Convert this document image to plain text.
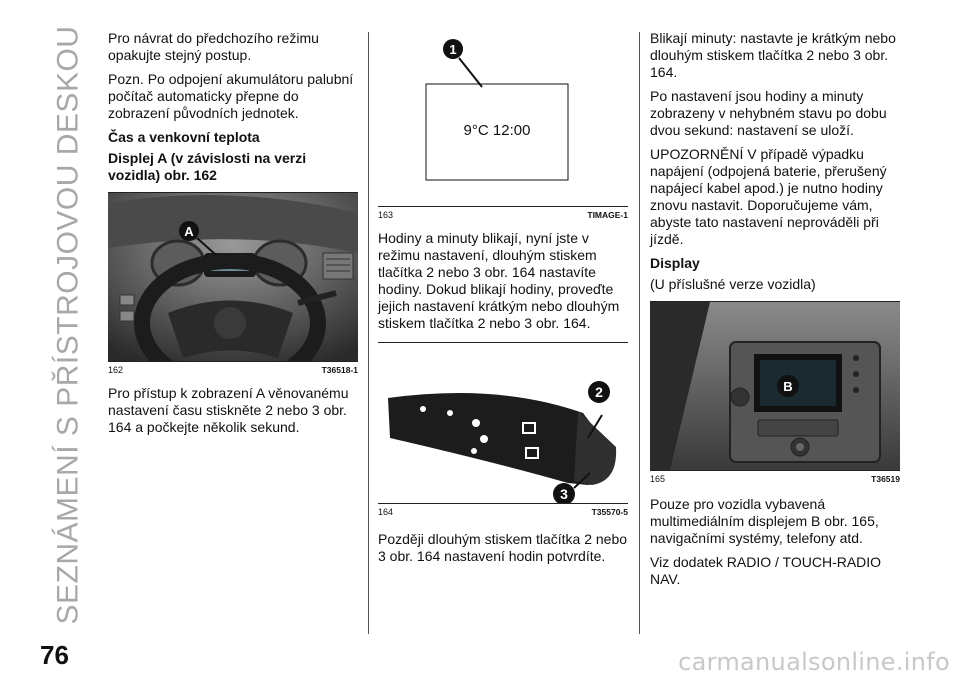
SEZNÁMENÍ S PŘÍSTROJOVOU DESKOU Pro návrat do předchozího režimu opakujte stejný postup.

Pozn. Po odpojení akumulátoru palubní počítač automaticky přepne do zobrazení původních jednotek.

Čas a venkovní teplota
Displej A (v závislosti na verzi vozidla) obr. 162
888
A
162	T36518-1

Pro přístup k zobrazení A věnovanému nastavení času stiskněte 2 nebo 3 obr. 164 a počkejte několik sekund.

9°C 12:00
1
163	TIMAGE-1

Hodiny a minuty blikají, nyní jste v režimu nastavení, dlouhým stiskem tlačítka 2 nebo 3 obr. 164 nastavíte hodiny. Dokud blikají hodiny, proveďte jejich nastavení krátkým nebo dlouhým stiskem tlačítka 2 nebo 3 obr. 164.

2
3
164	T35570-5

Později dlouhým stiskem tlačítka 2 nebo 3 obr. 164 nastavení hodin potvrdíte.

Blikají minuty: nastavte je krátkým nebo dlouhým stiskem tlačítka 2 nebo 3 obr. 164.

Po nastavení jsou hodiny a minuty zobrazeny v nehybném stavu po dobu dvou sekund: nastavení se uloží.

UPOZORNĚNÍ V případě výpadku napájení (odpojená baterie, přerušený napájecí kabel apod.) je nutno hodiny znovu nastavit. Doporučujeme vám, abyste tato nastavení neprováděli při jízdě.

Display

(U příslušné verze vozidla)

B
165	T36519

Pouze pro vozidla vybavená multimediálním displejem B obr. 165, navigačními systémy, telefony atd.

Viz dodatek RADIO / TOUCH-RADIO NAV.

76	carmanualsonline.info
